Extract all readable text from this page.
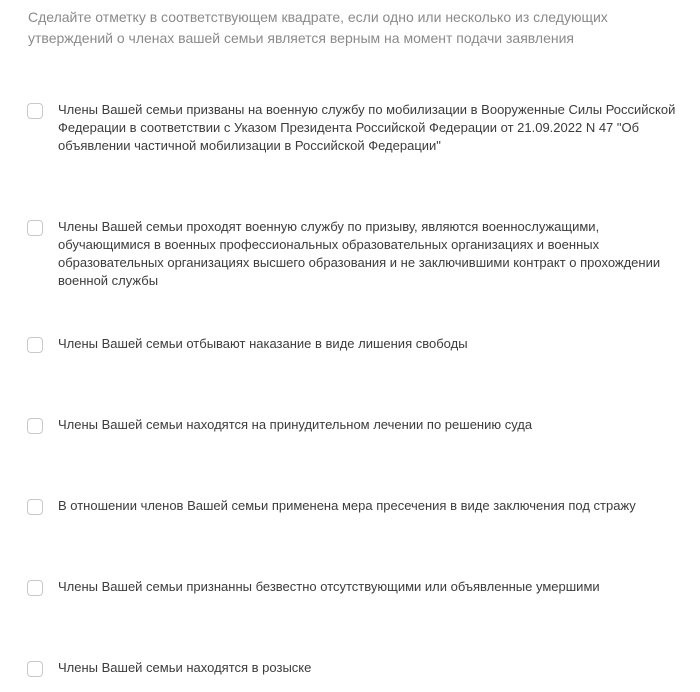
Сделайте отметку в соответствующем квадрате, если одно или несколько из следующих утверждений о членах вашей семьи является верным на момент подачи заявления

Члены Вашей семьи призваны на военную службу по мобилизации в Вооруженные Силы Российской Федерации в соответствии с Указом Президента Российской Федерации от 21.09.2022 N 47 "Об объявлении частичной мобилизации в Российской Федерации"
Члены Вашей семьи проходят военную службу по призыву, являются военнослужащими, обучающимися в военных профессиональных образовательных организациях и военных образовательных организациях высшего образования и не заключившими контракт о прохождении военной службы
Члены Вашей семьи отбывают наказание в виде лишения свободы
Члены Вашей семьи находятся на принудительном лечении по решению суда
В отношении членов Вашей семьи применена мера пресечения в виде заключения под стражу
Члены Вашей семьи признанны безвестно отсутствующими или объявленные умершими
Члены Вашей семьи находятся в розыске
